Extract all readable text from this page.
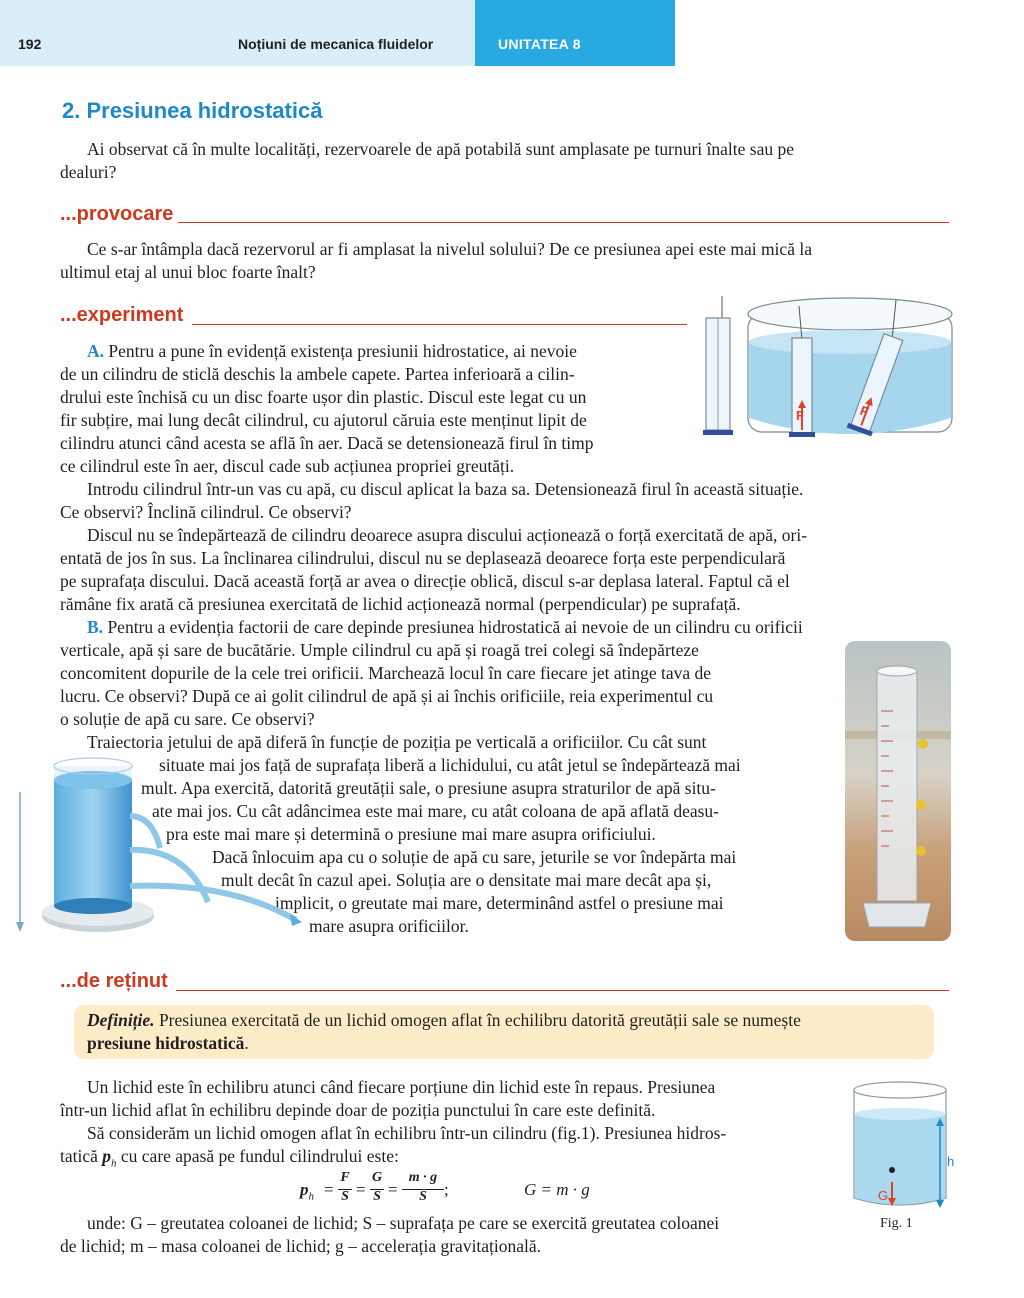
192	Noțiuni de mecanica fluidelor	UNITATEA 8
2. Presiunea hidrostatică
Ai observat că în multe localități, rezervoarele de apă potabilă sunt amplasate pe turnuri înalte sau pe
dealuri?
...provocare
Ce s-ar întâmpla dacă rezervorul ar fi amplasat la nivelul solului? De ce presiunea apei este mai mică la
ultimul etaj al unui bloc foarte înalt?
...experiment
A. Pentru a pune în evidență existența presiunii hidrostatice, ai nevoie
de un cilindru de sticlă deschis la ambele capete. Partea inferioară a cilin-
drului este închisă cu un disc foarte ușor din plastic. Discul este legat cu un
fir subțire, mai lung decât cilindrul, cu ajutorul căruia este menținut lipit de
cilindru atunci când acesta se află în aer. Dacă se detensionează firul în timp
ce cilindrul este în aer, discul cade sub acțiunea propriei greutăți.
F	F
Introdu cilindrul într-un vas cu apă, cu discul aplicat la baza sa. Detensionează firul în această situație.
Ce observi? Înclină cilindrul. Ce observi?
Discul nu se îndepărtează de cilindru deoarece asupra discului acționează o forță exercitată de apă, ori-
entată de jos în sus. La înclinarea cilindrului, discul nu se deplasează deoarece forța este perpendiculară
pe suprafața discului. Dacă această forță ar avea o direcție oblică, discul s-ar deplasa lateral. Faptul că el
rămâne fix arată că presiunea exercitată de lichid acționează normal (perpendicular) pe suprafață.
B. Pentru a evidenția factorii de care depinde presiunea hidrostatică ai nevoie de un cilindru cu orificii
verticale, apă și sare de bucătărie. Umple cilindrul cu apă și roagă trei colegi să îndepărteze
concomitent dopurile de la cele trei orificii. Marchează locul în care fiecare jet atinge tava de
lucru. Ce observi? După ce ai golit cilindrul de apă și ai închis orificiile, reia experimentul cu
o soluție de apă cu sare. Ce observi?
Traiectoria jetului de apă diferă în funcție de poziția pe verticală a orificiilor. Cu cât sunt
situate mai jos față de suprafața liberă a lichidului, cu atât jetul se îndepărtează mai
mult. Apa exercită, datorită greutății sale, o presiune asupra straturilor de apă situ-
ate mai jos. Cu cât adâncimea este mai mare, cu atât coloana de apă aflată deasu-
pra este mai mare și determină o presiune mai mare asupra orificiului.
Dacă înlocuim apa cu o soluție de apă cu sare, jeturile se vor îndepărta mai
mult decât în cazul apei. Soluția are o densitate mai mare decât apa și,
implicit, o greutate mai mare, determinând astfel o presiune mai
mare asupra orificiilor.
...de reținut
Definiție. Presiunea exercitată de un lichid omogen aflat în echilibru datorită greutății sale se numește
presiune hidrostatică.
Un lichid este în echilibru atunci când fiecare porțiune din lichid este în repaus. Presiunea
într-un lichid aflat în echilibru depinde doar de poziția punctului în care este definită.
Să considerăm un lichid omogen aflat în echilibru într-un cilindru (fig.1). Presiunea hidros-
tatică $p_h$ cu care apasă pe fundul cilindrului este:
$p_h$ =
F
S =
G
S =
m · g
S	;	G = m · g
unde: G – greutatea coloanei de lichid; S – suprafața pe care se exercită greutatea coloanei
de lichid; m – masa coloanei de lichid; g – accelerația gravitațională.
G
h
Fig. 1
